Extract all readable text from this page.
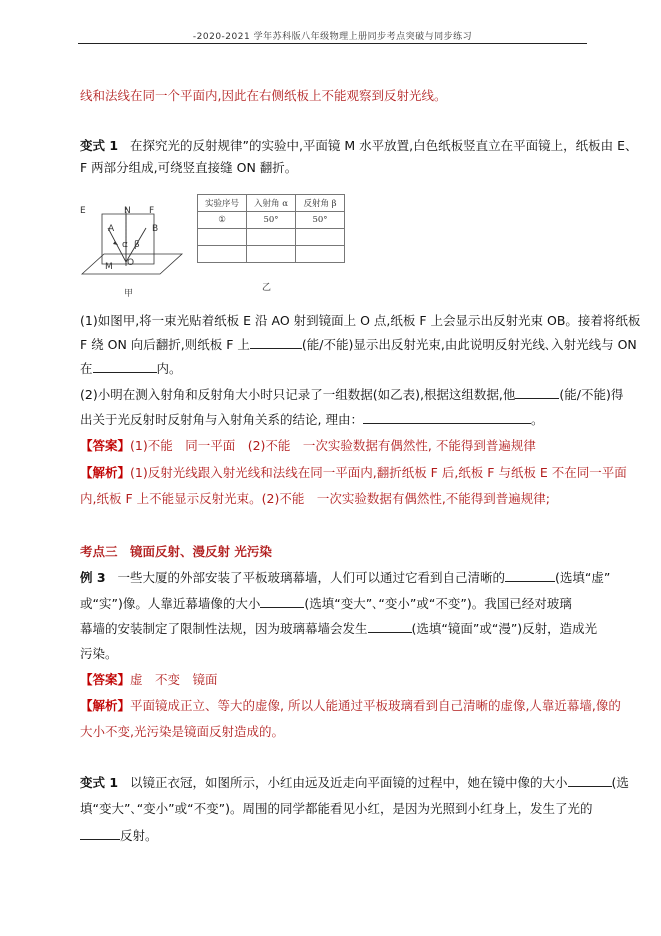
-2020-2021 学年苏科版八年级物理上册同步考点突破与同步练习
线和法线在同一个平面内,因此在右侧纸板上不能观察到反射光线。
变式 1 在探究光的反射规律”的实验中,平面镜 M 水平放置,白色纸板竖直立在平面镜上，纸板由 E、
F 两部分组成,可绕竖直接缝 ON 翻折。
E	N F
A	B
α β
O
M
甲
实验序号	入射角 α	反射角 β
①	50°	50°

乙
(1)如图甲,将一束光贴着纸板 E 沿 AO 射到镜面上 O 点,纸板 F 上会显示出反射光束 OB。接着将纸板
F 绕 ON 向后翻折,则纸板 F 上	(能/不能)显示出反射光束,由此说明反射光线､入射光线与 ON
在	内。
(2)小明在测入射角和反射角大小时只记录了一组数据(如乙表),根据这组数据,他	(能/不能)得
出关于光反射时反射角与入射角关系的结论, 理由：	。
【答案】(1)不能　同一平面　(2)不能　一次实验数据有偶然性, 不能得到普遍规律
【解析】(1)反射光线跟入射光线和法线在同一平面内,翻折纸板 F 后,纸板 F 与纸板 E 不在同一平面
内,纸板 F 上不能显示反射光束。(2)不能　一次实验数据有偶然性,不能得到普遍规律;
考点三　镜面反射、漫反射 光污染
例 3 一些大厦的外部安装了平板玻璃幕墙，人们可以通过它看到自己清晰的	(选填“虚”
或“实”)像。人靠近幕墙像的大小	(选填“变大”､“变小”或“不变”)。我国已经对玻璃
幕墙的安装制定了限制性法规，因为玻璃幕墙会发生	(选填“镜面”或“漫”)反射，造成光
污染。
【答案】虚　不变　镜面
【解析】平面镜成正立、等大的虚像, 所以人能通过平板玻璃看到自己清晰的虚像,人靠近幕墙,像的
大小不变,光污染是镜面反射造成的。
变式 1 以镜正衣冠，如图所示，小红由远及近走向平面镜的过程中，她在镜中像的大小	(选
填“变大”､“变小”或“不变”)。周围的同学都能看见小红，是因为光照到小红身上，发生了光的
反射。
